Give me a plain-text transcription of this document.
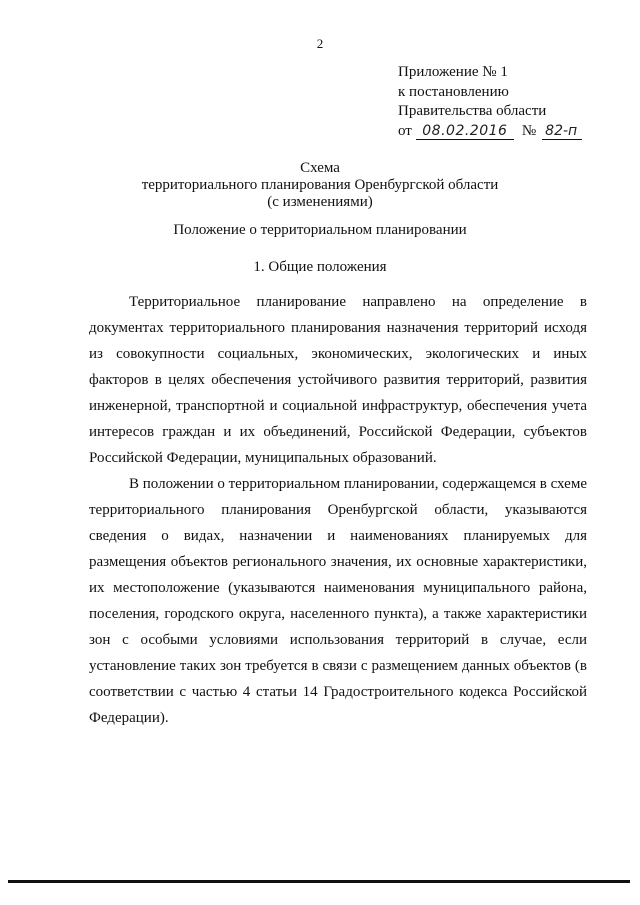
2
Приложение № 1
к постановлению
Правительства области
от 08.02.2016 № 82-п
Схема
территориального планирования Оренбургской области
(с изменениями)
Положение о территориальном планировании
1. Общие положения

Территориальное планирование направлено на определение в документах территориального планирования назначения территорий исходя из совокупности социальных, экономических, экологических и иных факторов в целях обеспечения устойчивого развития территорий, развития инженерной, транспортной и социальной инфраструктур, обеспечения учета интересов граждан и их объединений, Российской Федерации, субъектов Российской Федерации, муниципальных образований.

В положении о территориальном планировании, содержащемся в схеме территориального планирования Оренбургской области, указываются сведения о видах, назначении и наименованиях планируемых для размещения объектов регионального значения, их основные характеристики, их местоположение (указываются наименования муниципального района, поселения, городского округа, населенного пункта), а также характеристики зон с особыми условиями использования территорий в случае, если установление таких зон требуется в связи с размещением данных объектов (в соответствии с частью 4 статьи 14 Градостроительного кодекса Российской Федерации).
